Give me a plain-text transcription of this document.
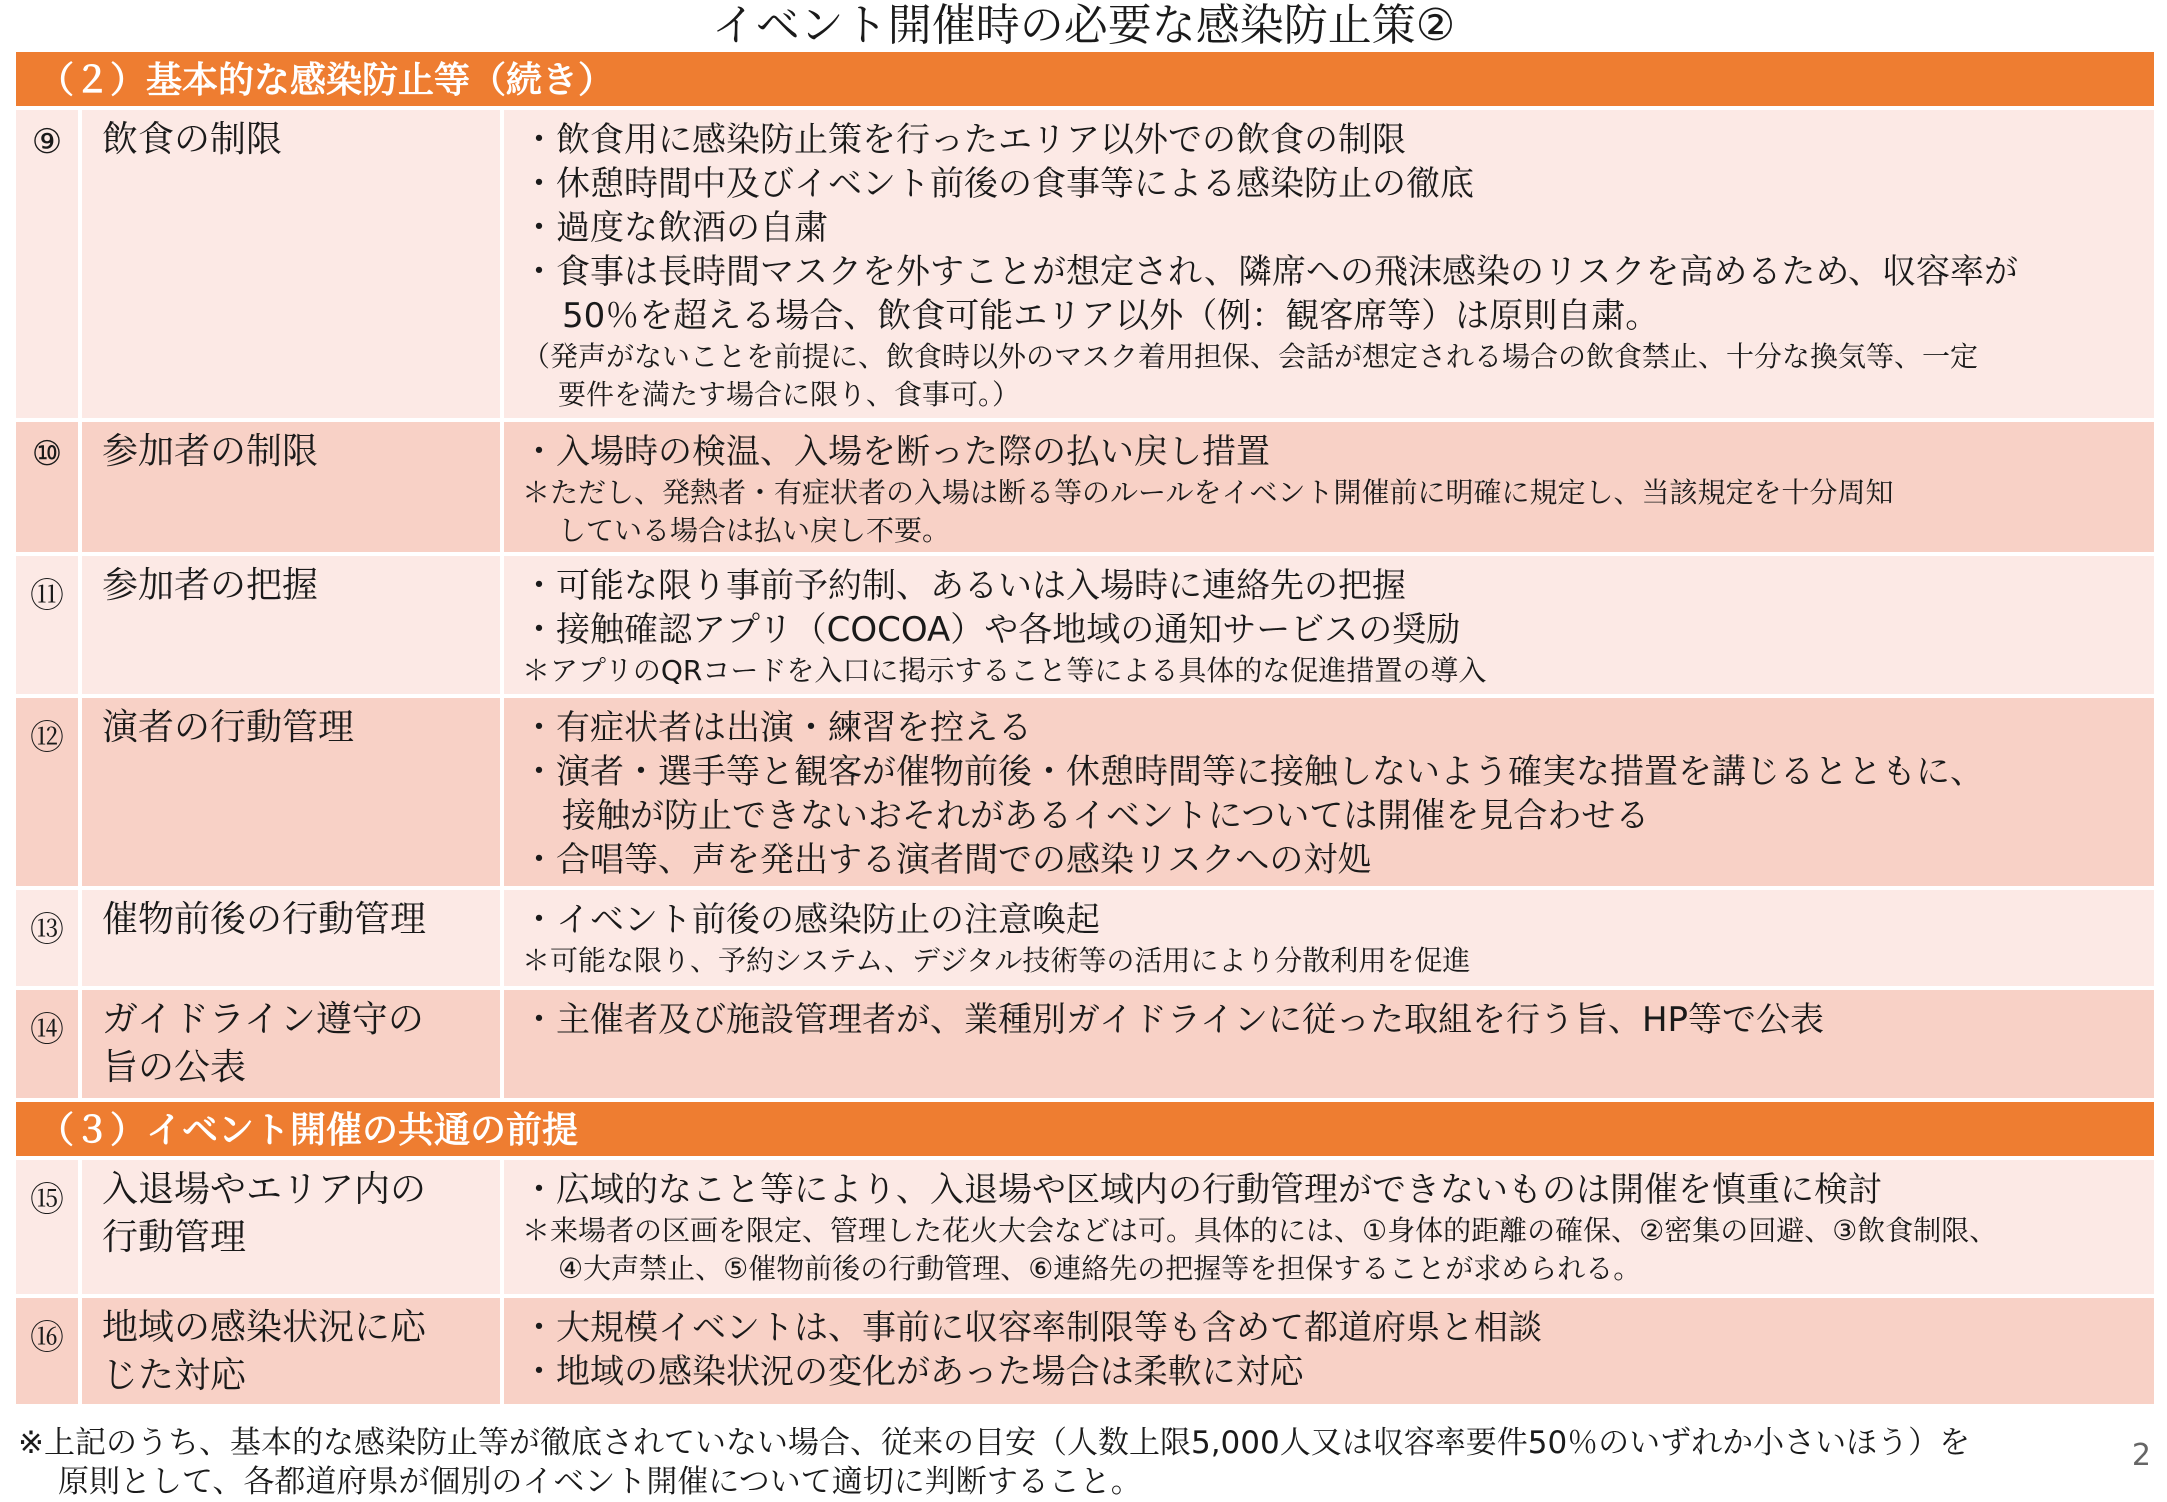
イベント開催時の必要な感染防止策②
（２）基本的な感染防止等（続き）
⑨	飲食の制限	・飲食用に感染防止策を行ったエリア以外での飲食の制限
・休憩時間中及びイベント前後の食事等による感染防止の徹底
・過度な飲酒の自粛
・食事は長時間マスクを外すことが想定され、隣席への飛沫感染のリスクを高めるため、収容率が
50％を超える場合、飲食可能エリア以外（例：観客席等）は原則自粛。
（発声がないことを前提に、飲食時以外のマスク着用担保、会話が想定される場合の飲食禁止、十分な換気等、一定
要件を満たす場合に限り、食事可。）
⑩	参加者の制限	・入場時の検温、入場を断った際の払い戻し措置
＊ただし、発熱者・有症状者の入場は断る等のルールをイベント開催前に明確に規定し、当該規定を十分周知
している場合は払い戻し不要。
⑪	参加者の把握	・可能な限り事前予約制、あるいは入場時に連絡先の把握
・接触確認アプリ（COCOA）や各地域の通知サービスの奨励
＊アプリのQRコードを入口に掲示すること等による具体的な促進措置の導入
⑫	演者の行動管理	・有症状者は出演・練習を控える
・演者・選手等と観客が催物前後・休憩時間等に接触しないよう確実な措置を講じるとともに、
接触が防止できないおそれがあるイベントについては開催を見合わせる
・合唱等、声を発出する演者間での感染リスクへの対処
⑬	催物前後の行動管理	・イベント前後の感染防止の注意喚起
＊可能な限り、予約システム、デジタル技術等の活用により分散利用を促進
⑭	ガイドライン遵守の
旨の公表
・主催者及び施設管理者が、業種別ガイドラインに従った取組を行う旨、HP等で公表
（３）イベント開催の共通の前提
⑮	入退場やエリア内の
行動管理
・広域的なこと等により、入退場や区域内の行動管理ができないものは開催を慎重に検討
＊来場者の区画を限定、管理した花火大会などは可。具体的には、①身体的距離の確保、②密集の回避、③飲食制限、
④大声禁止、⑤催物前後の行動管理、⑥連絡先の把握等を担保することが求められる。
⑯	地域の感染状況に応
じた対応
・大規模イベントは、事前に収容率制限等も含めて都道府県と相談
・地域の感染状況の変化があった場合は柔軟に対応
※上記のうち、基本的な感染防止等が徹底されていない場合、従来の目安（人数上限5,000人又は収容率要件50％のいずれか小さいほう）を
原則として、各都道府県が個別のイベント開催について適切に判断すること。
2
